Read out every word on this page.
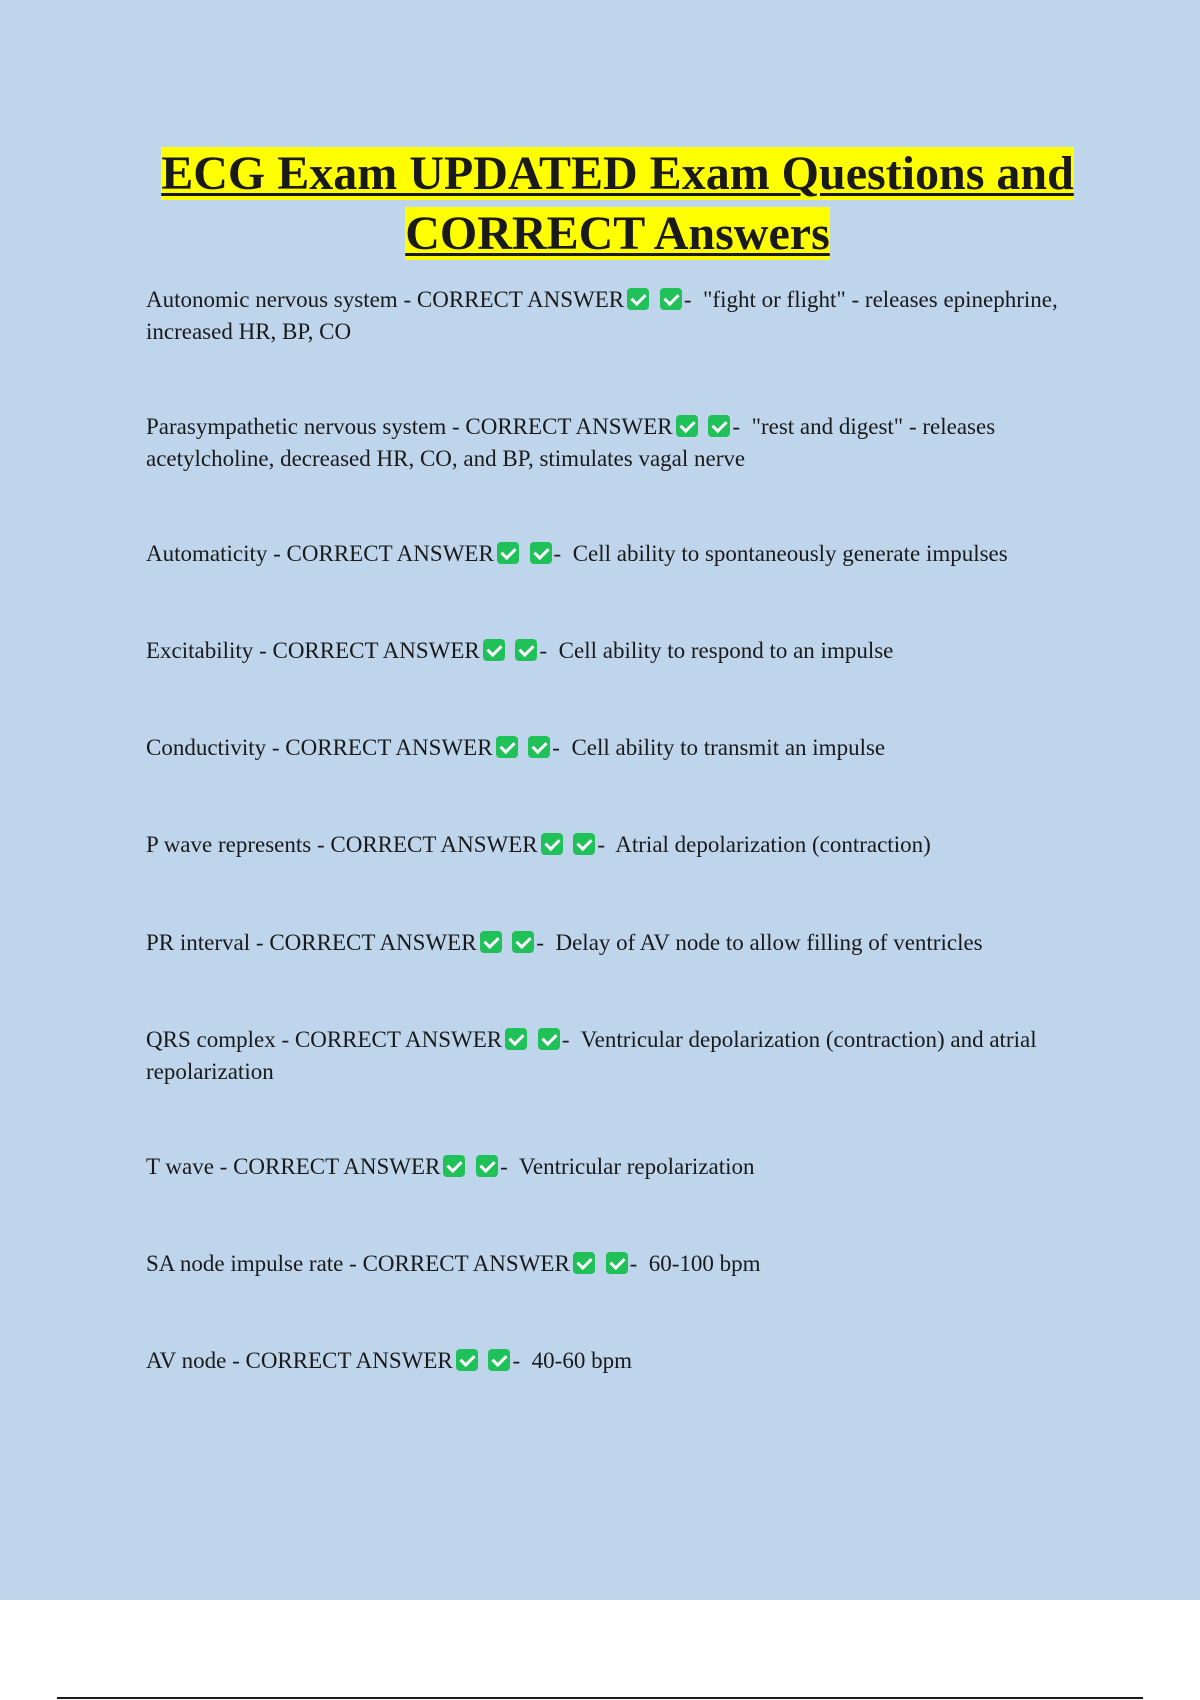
ECG Exam UPDATED Exam Questions and
CORRECT Answers

Autonomic nervous system - CORRECT ANSWER	-  "fight or flight" - releases epinephrine, increased HR, BP, CO

Parasympathetic nervous system - CORRECT ANSWER	-  "rest and digest" - releases acetylcholine, decreased HR, CO, and BP, stimulates vagal nerve

Automaticity - CORRECT ANSWER	-  Cell ability to spontaneously generate impulses

Excitability - CORRECT ANSWER	-  Cell ability to respond to an impulse

Conductivity - CORRECT ANSWER	-  Cell ability to transmit an impulse

P wave represents - CORRECT ANSWER	-  Atrial depolarization (contraction)

PR interval - CORRECT ANSWER	-  Delay of AV node to allow filling of ventricles

QRS complex - CORRECT ANSWER	-  Ventricular depolarization (contraction) and atrial repolarization

T wave - CORRECT ANSWER	-  Ventricular repolarization

SA node impulse rate - CORRECT ANSWER	-  60-100 bpm

AV node - CORRECT ANSWER	-  40-60 bpm
